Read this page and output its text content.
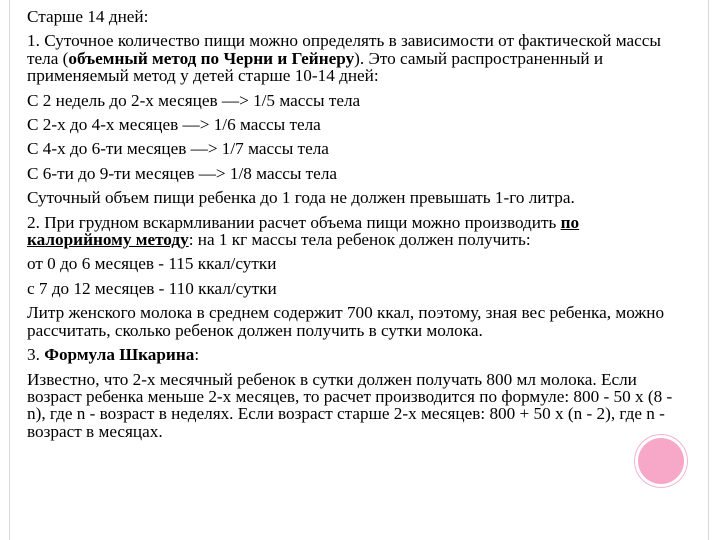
Старше 14 дней:

1. Суточное количество пищи можно определять в зависимости от фактической массы тела (объемный метод по Черни и Гейнеру). Это самый распространенный и применяемый метод у детей старше 10-14 дней:

С 2 недель до 2-х месяцев —> 1/5 массы тела

С 2-х до 4-х месяцев —> 1/6 массы тела

С 4-х до 6-ти месяцев —> 1/7 массы тела

С 6-ти до 9-ти месяцев —> 1/8 массы тела

Суточный объем пищи ребенка до 1 года не должен превышать 1-го литра.

2. При грудном вскармливании расчет объема пищи можно производить по калорийному методу: на 1 кг массы тела ребенок должен получить:

от 0 до 6 месяцев - 115 ккал/сутки

с 7 до 12 месяцев - 110 ккал/сутки

Литр женского молока в среднем содержит 700 ккал, поэтому, зная вес ребенка, можно рассчитать, сколько ребенок должен получить в сутки молока.

3. Формула Шкарина:

Известно, что 2-х месячный ребенок в сутки должен получать 800 мл молока. Если возраст ребенка меньше 2-х месяцев, то расчет производится по формуле: 800 - 50 х (8 - n), где n - возраст в неделях. Если возраст старше 2-х месяцев: 800 + 50 х (n - 2), где n - возраст в месяцах.
